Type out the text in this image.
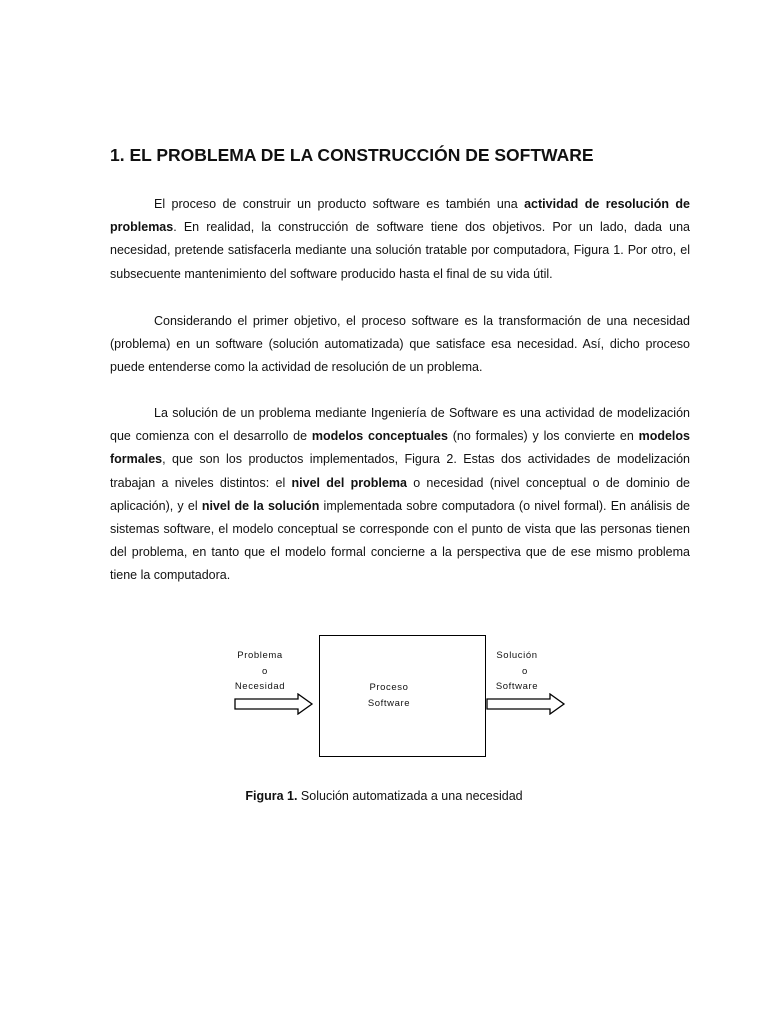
1. EL PROBLEMA DE LA CONSTRUCCIÓN DE SOFTWARE

El proceso de construir un producto software es también una actividad de resolución de problemas. En realidad, la construcción de software tiene dos objetivos. Por un lado, dada una necesidad, pretende satisfacerla mediante una solución tratable por computadora, Figura 1. Por otro, el subsecuente mantenimiento del software producido hasta el final de su vida útil.

Considerando el primer objetivo, el proceso software es la transformación de una necesidad (problema) en un software (solución automatizada) que satisface esa necesidad. Así, dicho proceso puede entenderse como la actividad de resolución de un problema.

La solución de un problema mediante Ingeniería de Software es una actividad de modelización que comienza con el desarrollo de modelos conceptuales (no formales) y los convierte en modelos formales, que son los productos implementados, Figura 2. Estas dos actividades de modelización trabajan a niveles distintos: el nivel del problema o necesidad (nivel conceptual o de dominio de aplicación), y el nivel de la solución implementada sobre computadora (o nivel formal). En análisis de sistemas software, el modelo conceptual se corresponde con el punto de vista que las personas tienen del problema, en tanto que el modelo formal concierne a la perspectiva que de ese mismo problema tiene la computadora.

Problema
o
Necesidad	Proceso
Software
Solución
o
Software
Figura 1. Solución automatizada a una necesidad
